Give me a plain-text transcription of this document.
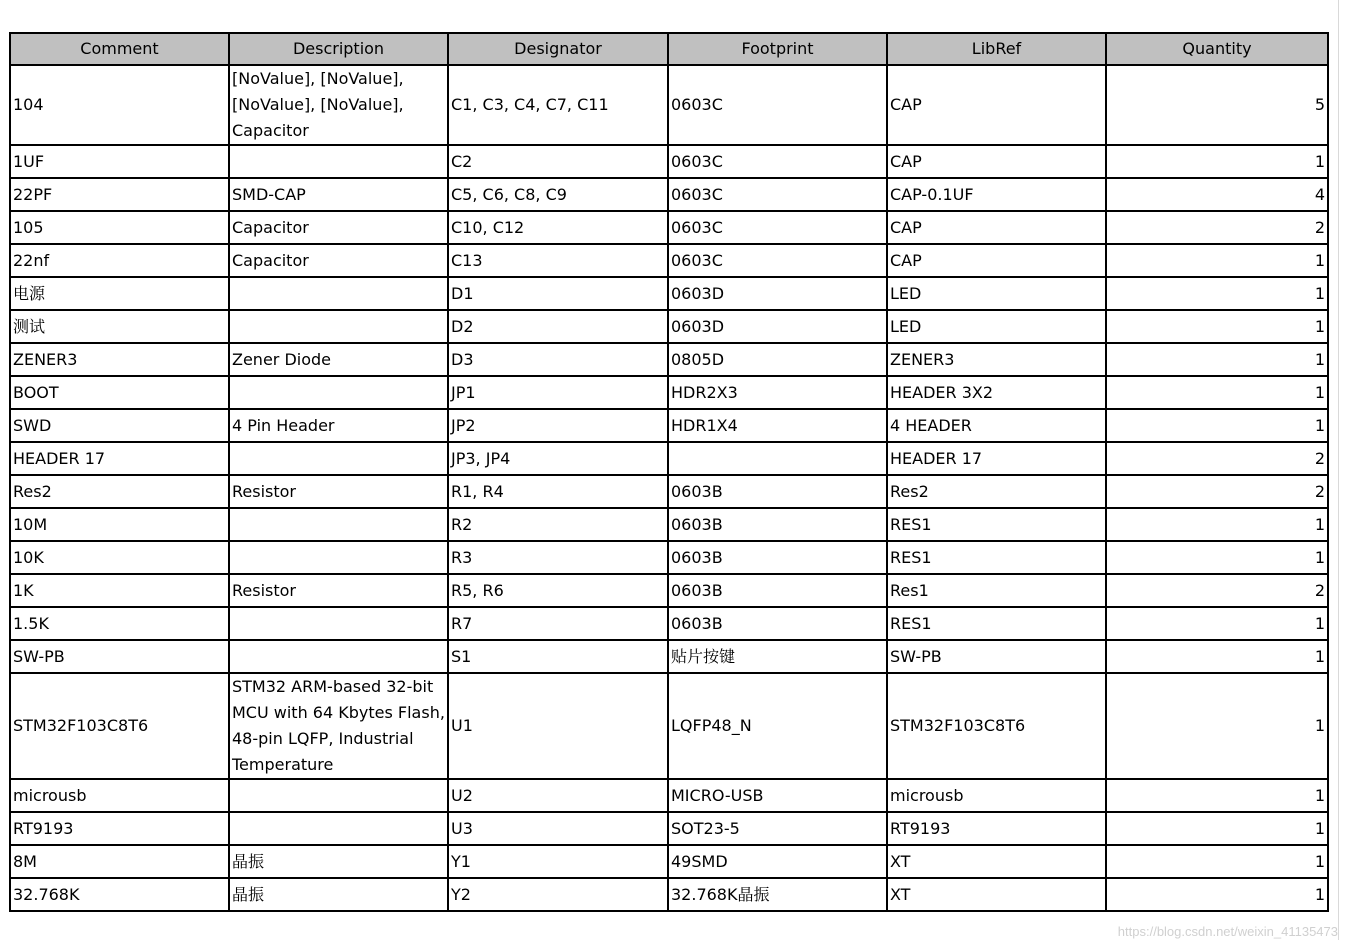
Comment	Description	Designator	Footprint	LibRef	Quantity
104	[NoValue], [NoValue], [NoValue], [NoValue], Capacitor	C1, C3, C4, C7, C11	0603C	CAP	5
1UF		C2	0603C	CAP	1
22PF	SMD-CAP	C5, C6, C8, C9	0603C	CAP-0.1UF	4
105	Capacitor	C10, C12	0603C	CAP	2
22nf	Capacitor	C13	0603C	CAP	1
电源		D1	0603D	LED	1
测试		D2	0603D	LED	1
ZENER3	Zener Diode	D3	0805D	ZENER3	1
BOOT		JP1	HDR2X3	HEADER 3X2	1
SWD	4 Pin Header	JP2	HDR1X4	4 HEADER	1
HEADER 17		JP3, JP4		HEADER 17	2
Res2	Resistor	R1, R4	0603B	Res2	2
10M		R2	0603B	RES1	1
10K		R3	0603B	RES1	1
1K	Resistor	R5, R6	0603B	Res1	2
1.5K		R7	0603B	RES1	1
SW-PB		S1	贴片按键	SW-PB	1
STM32F103C8T6	STM32 ARM-based 32-bit MCU with 64 Kbytes Flash, 48-pin LQFP, Industrial Temperature	U1	LQFP48_N	STM32F103C8T6	1
microusb		U2	MICRO-USB	microusb	1
RT9193		U3	SOT23-5	RT9193	1
8M	晶振	Y1	49SMD	XT	1
32.768K	晶振	Y2	32.768K晶振	XT	1
https://blog.csdn.net/weixin_41135473
